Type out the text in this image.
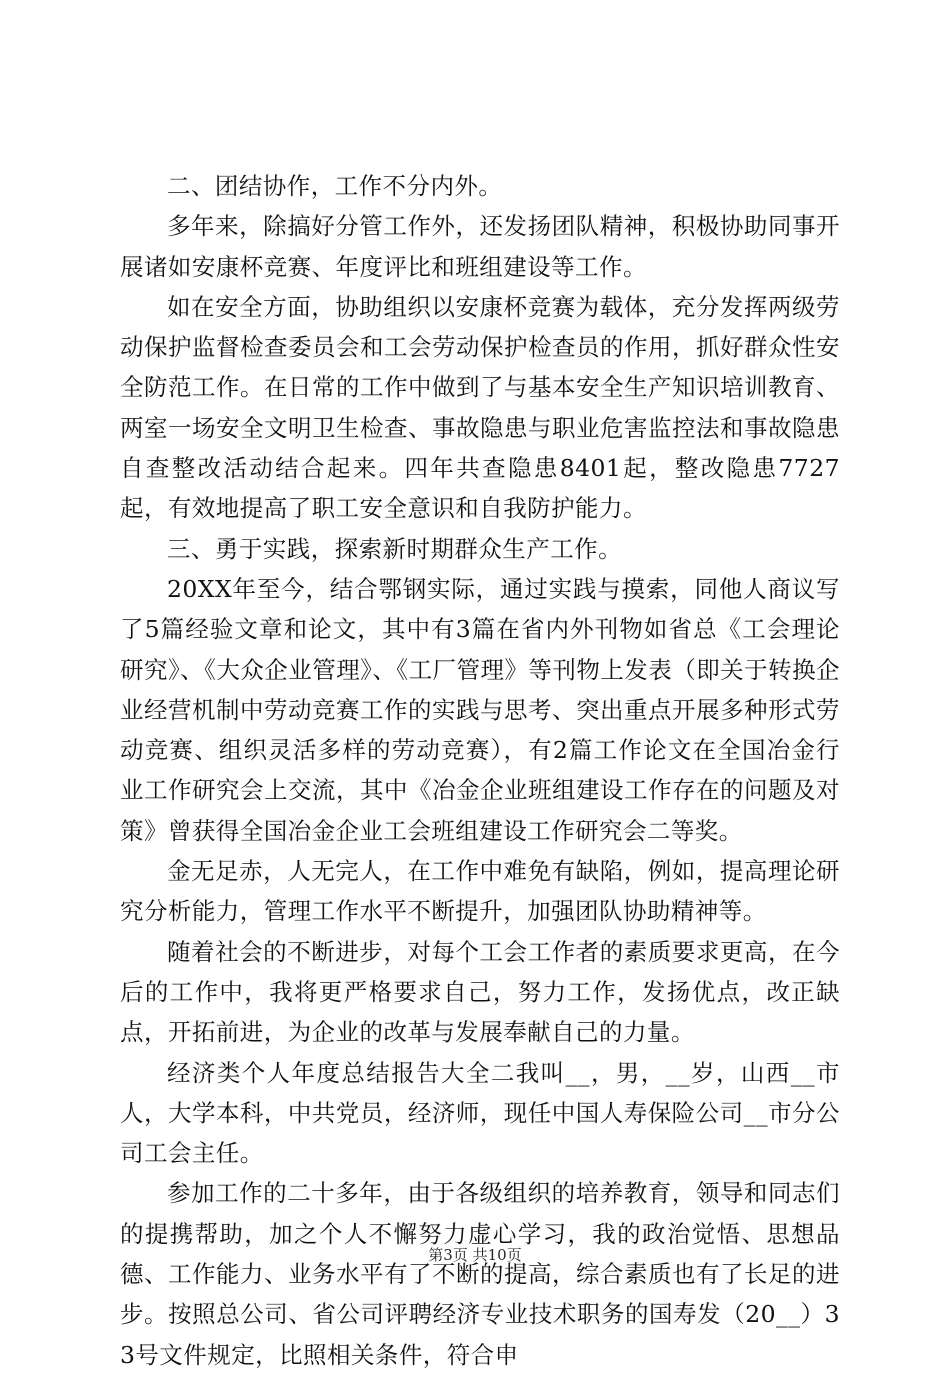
二、团结协作，工作不分内外。

多年来，除搞好分管工作外，还发扬团队精神，积极协助同事开展诸如安康杯竞赛、年度评比和班组建设等工作。

如在安全方面，协助组织以安康杯竞赛为载体，充分发挥两级劳动保护监督检查委员会和工会劳动保护检查员的作用，抓好群众性安全防范工作。在日常的工作中做到了与基本安全生产知识培训教育、两室一场安全文明卫生检查、事故隐患与职业危害监控法和事故隐患自查整改活动结合起来。四年共查隐患8401起，整改隐患7727起，有效地提高了职工安全意识和自我防护能力。

三、勇于实践，探索新时期群众生产工作。

20XX年至今，结合鄂钢实际，通过实践与摸索，同他人商议写了5篇经验文章和论文，其中有3篇在省内外刊物如省总《工会理论研究》、《大众企业管理》、《工厂管理》等刊物上发表（即关于转换企业经营机制中劳动竞赛工作的实践与思考、突出重点开展多种形式劳动竞赛、组织灵活多样的劳动竞赛），有2篇工作论文在全国冶金行业工作研究会上交流，其中《冶金企业班组建设工作存在的问题及对策》曾获得全国冶金企业工会班组建设工作研究会二等奖。

金无足赤，人无完人，在工作中难免有缺陷，例如，提高理论研究分析能力，管理工作水平不断提升，加强团队协助精神等。

随着社会的不断进步，对每个工会工作者的素质要求更高，在今后的工作中，我将更严格要求自己，努力工作，发扬优点，改正缺点，开拓前进，为企业的改革与发展奉献自己的力量。

经济类个人年度总结报告大全二我叫__，男，__岁，山西__市人，大学本科，中共党员，经济师，现任中国人寿保险公司__市分公司工会主任。

参加工作的二十多年，由于各级组织的培养教育，领导和同志们的提携帮助，加之个人不懈努力虚心学习，我的政治觉悟、思想品德、工作能力、业务水平有了不断的提高，综合素质也有了长足的进步。按照总公司、省公司评聘经济专业技术职务的国寿发（20__）33号文件规定，比照相关条件，符合申

第3页 共10页
